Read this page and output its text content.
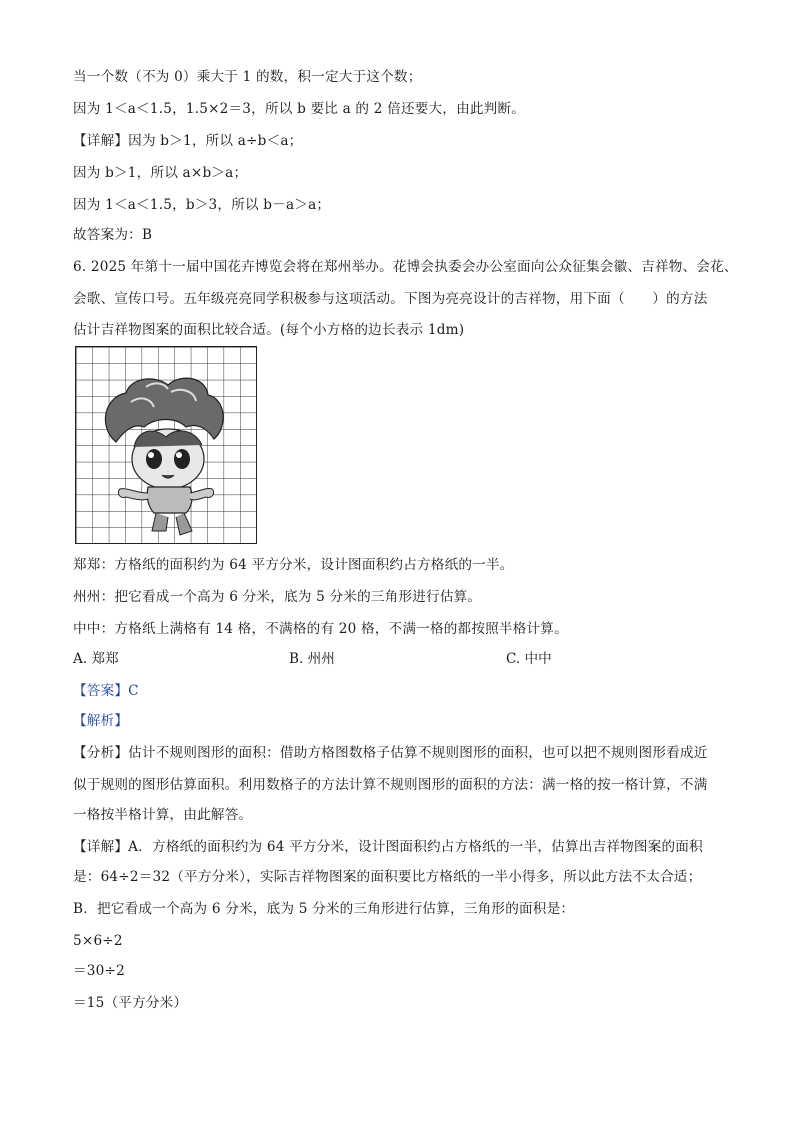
当一个数（不为 0）乘大于 1 的数，积一定大于这个数；
因为 1＜a＜1.5，1.5×2＝3，所以 b 要比 a 的 2 倍还要大，由此判断。
【详解】因为 b＞1，所以 a÷b＜a；
因为 b＞1，所以 a×b＞a；
因为 1＜a＜1.5，b＞3，所以 b－a＞a；
故答案为：B
6. 2025 年第十一届中国花卉博览会将在郑州举办。花博会执委会办公室面向公众征集会徽、吉祥物、会花、
会歌、宣传口号。五年级亮亮同学积极参与这项活动。下图为亮亮设计的吉祥物，用下面（　　）的方法
估计吉祥物图案的面积比较合适。(每个小方格的边长表示 1dm)
郑郑：方格纸的面积约为 64 平方分米，设计图面积约占方格纸的一半。
州州：把它看成一个高为 6 分米，底为 5 分米的三角形进行估算。
中中：方格纸上满格有 14 格，不满格的有 20 格，不满一格的都按照半格计算。
A. 郑郑	B. 州州	C. 中中
【答案】C
【解析】
【分析】估计不规则图形的面积：借助方格图数格子估算不规则图形的面积，也可以把不规则图形看成近
似于规则的图形估算面积。利用数格子的方法计算不规则图形的面积的方法：满一格的按一格计算，不满
一格按半格计算，由此解答。
【详解】A．方格纸的面积约为 64 平方分米，设计图面积约占方格纸的一半，估算出吉祥物图案的面积
是：64÷2＝32（平方分米），实际吉祥物图案的面积要比方格纸的一半小得多，所以此方法不太合适；
B．把它看成一个高为 6 分米，底为 5 分米的三角形进行估算，三角形的面积是：
5×6÷2
＝30÷2
＝15（平方分米）
